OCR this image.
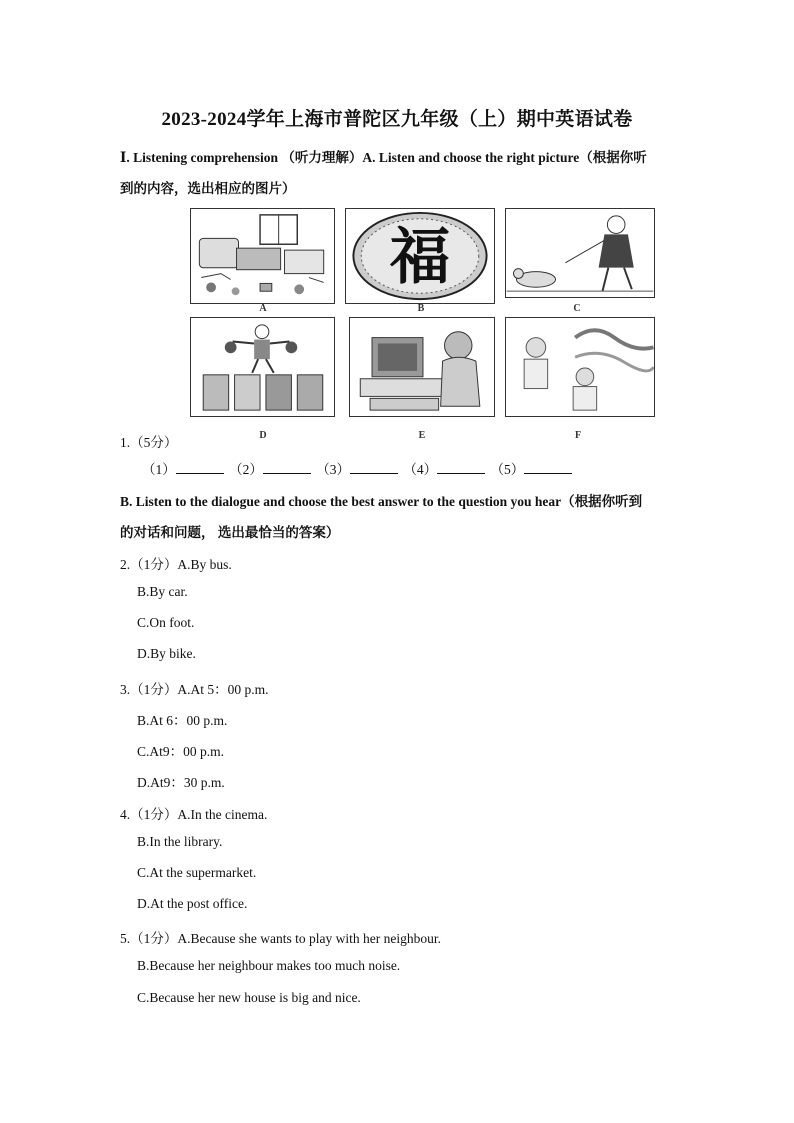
2023-2024学年上海市普陀区九年级（上）期中英语试卷
Ⅰ. Listening comprehension （听力理解）A. Listen and choose the right picture（根据你听
到的内容，选出相应的图片）
A
福
B	C
D	E	F
1.（5分）
（1）	（2）	（3）	（4）	（5）
B. Listen to the dialogue and choose the best answer to the question you hear（根据你听到
的对话和问题， 选出最恰当的答案）
2.（1分）A.By bus.
B.By car.
C.On foot.
D.By bike.
3.（1分）A.At 5：00 p.m.
B.At 6：00 p.m.
C.At9：00 p.m.
D.At9：30 p.m.
4.（1分）A.In the cinema.
B.In the library.
C.At the supermarket.
D.At the post office.
5.（1分）A.Because she wants to play with her neighbour.
B.Because her neighbour makes too much noise.
C.Because her new house is big and nice.
